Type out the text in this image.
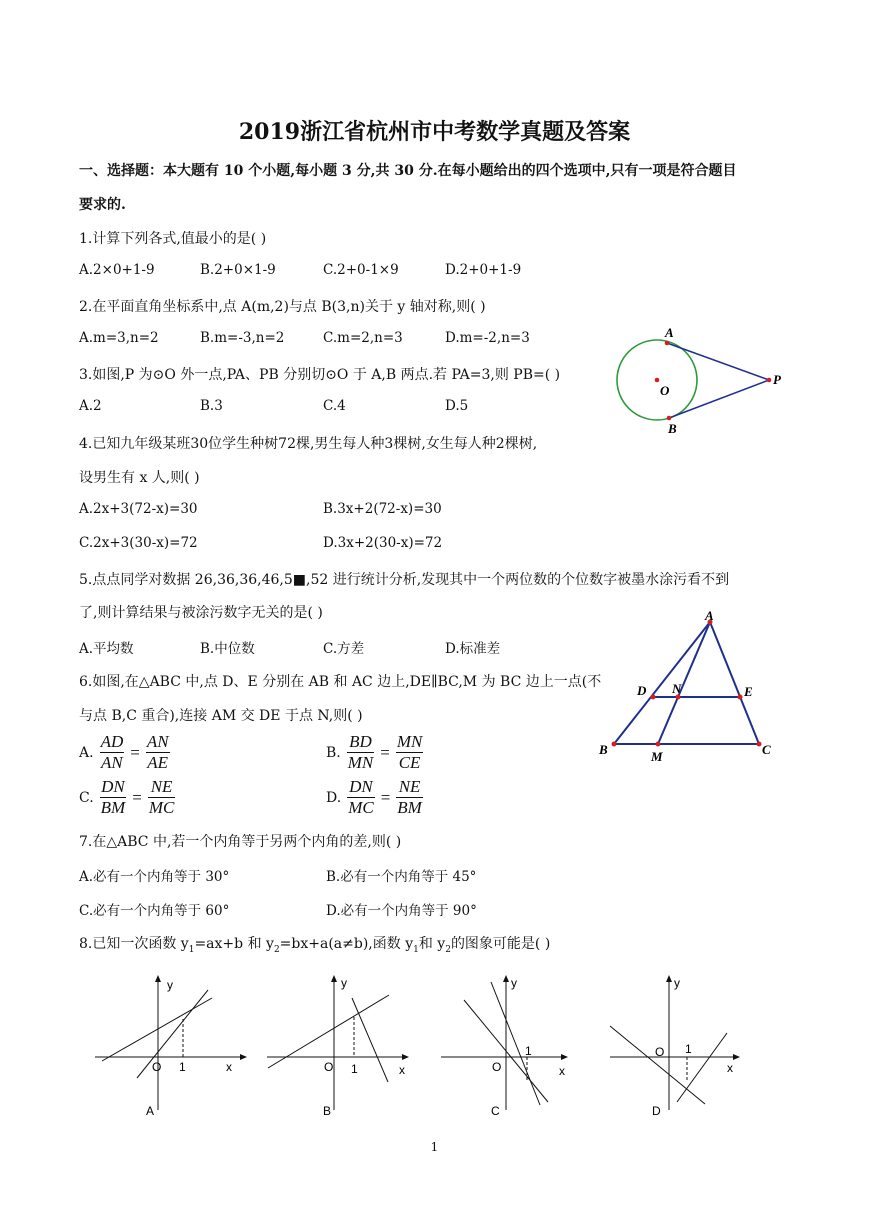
2019浙江省杭州市中考数学真题及答案
一、选择题：本大题有 10 个小题,每小题 3 分,共 30 分.在每小题给出的四个选项中,只有一项是符合题目
要求的.
1.计算下列各式,值最小的是( )
A.2×0+1-9	B.2+0×1-9	C.2+0-1×9	D.2+0+1-9
2.在平面直角坐标系中,点 A(m,2)与点 B(3,n)关于 y 轴对称,则( )
A.m=3,n=2	B.m=-3,n=2	C.m=2,n=3	D.m=-2,n=3
3.如图,P 为⊙O 外一点,PA、PB 分别切⊙O 于 A,B 两点.若 PA=3,则 PB=( )
A.2	B.3	C.4	D.5
A
B
O
P
4.已知九年级某班30位学生种树72棵,男生每人种3棵树,女生每人种2棵树,
设男生有 x 人,则( )
A.2x+3(72-x)=30	B.3x+2(72-x)=30
C.2x+3(30-x)=72	D.3x+2(30-x)=72
5.点点同学对数据 26,36,36,46,5■,52 进行统计分析,发现其中一个两位数的个位数字被墨水涂污看不到
了,则计算结果与被涂污数字无关的是( )
A.平均数	B.中位数	C.方差	D.标准差
6.如图,在△ABC 中,点 D、E 分别在 AB 和 AC 边上,DE∥BC,M 为 BC 边上一点(不
与点 B,C 重合),连接 AM 交 DE 于点 N,则( )
A. $\frac{AD}{AN} = \frac{AN}{AE}$	B. $\frac{BD}{MN} = \frac{MN}{CE}$
C. $\frac{DN}{BM} = \frac{NE}{MC}$	D. $\frac{DN}{MC} = \frac{NE}{BM}$
A
B	C
D	E
M
N
7.在△ABC 中,若一个内角等于另两个内角的差,则( )
A.必有一个内角等于 30°	B.必有一个内角等于 45°
C.必有一个内角等于 60°	D.必有一个内角等于 90°
8.已知一次函数 $y_1=ax+b$ 和 $y_2=bx+a(a\ne b)$,函数 $y_1$和 $y_2$的图象可能是( )
y
x
O 1
A
y
x
O 1
B
y
x
O
1
C
y
x
O 1
D
1
